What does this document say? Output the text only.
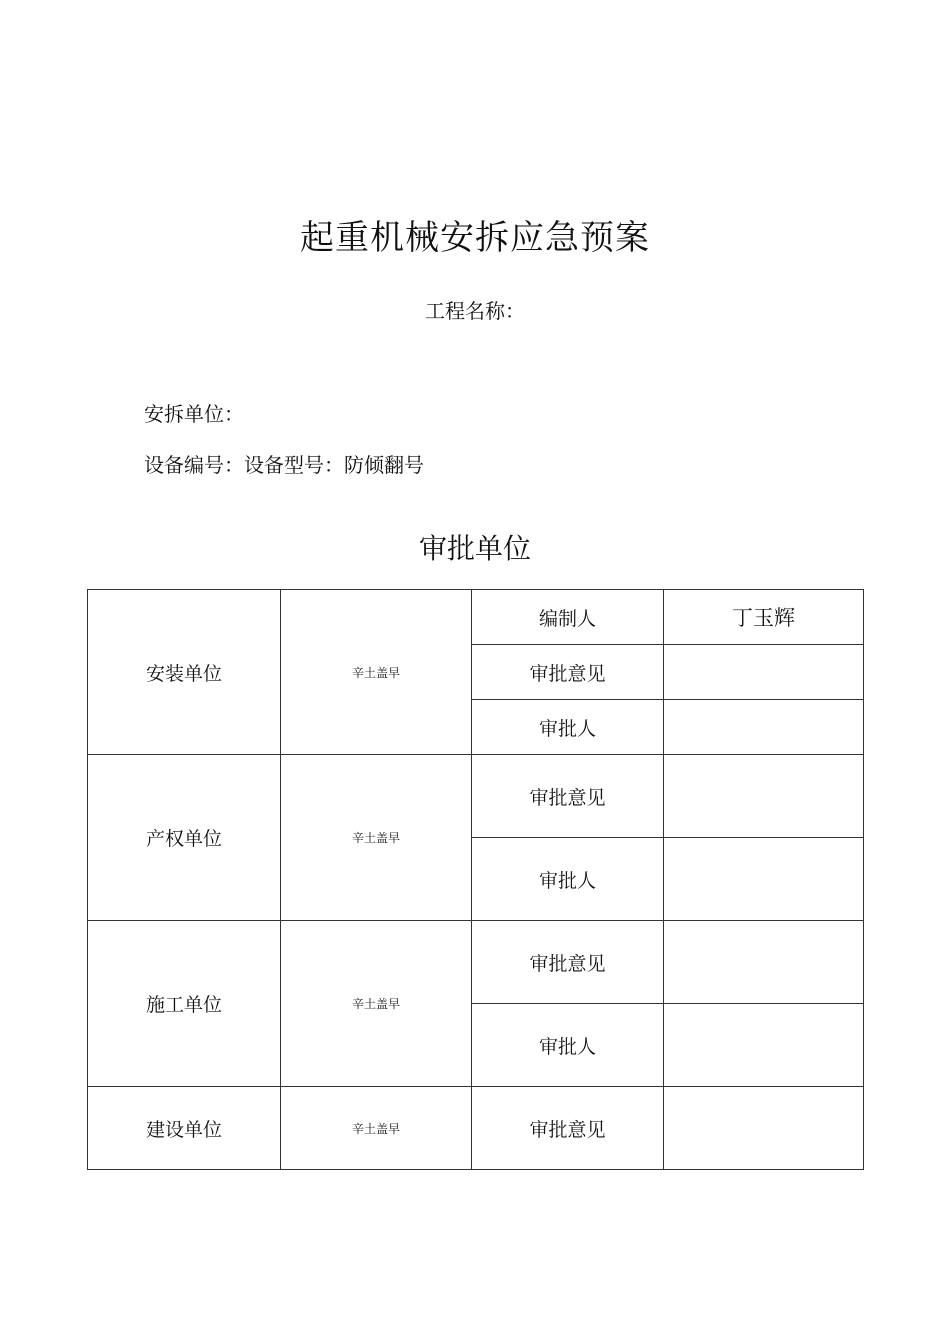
起重机械安拆应急预案
工程名称：
安拆单位：
设备编号：设备型号：防倾翻号
审批单位
安装单位	辛土盖早	编制人	丁玉辉
		审批意见	
		审批人	
产权单位	辛土盖早	审批意见	
		审批人	
施工单位	辛土盖早	审批意见	
		审批人	
建设单位	辛土盖早	审批意见	
